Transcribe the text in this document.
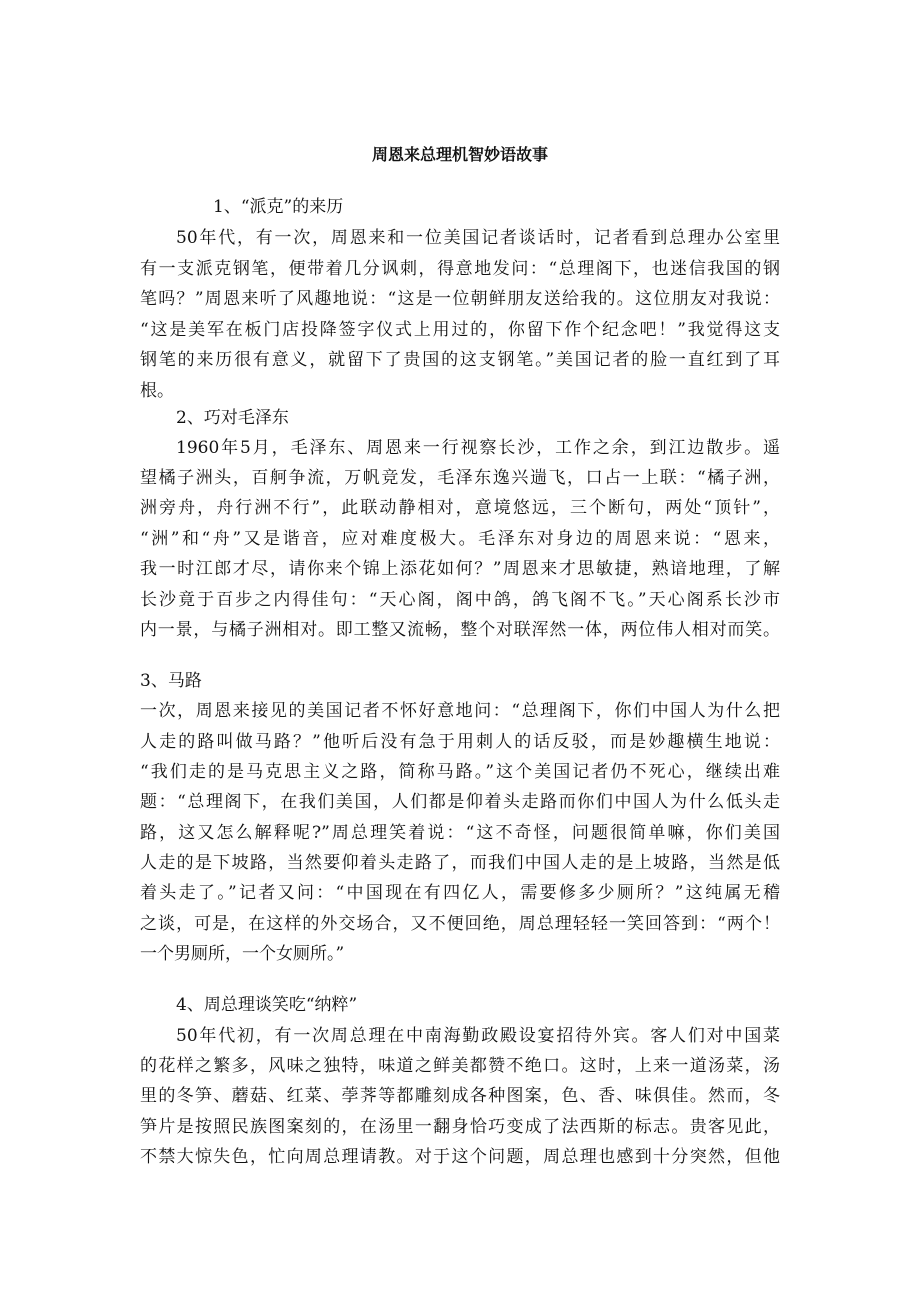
周恩来总理机智妙语故事
1、“派克”的来历
50年代，有一次，周恩来和一位美国记者谈话时，记者看到总理办公室里
有一支派克钢笔，便带着几分讽刺，得意地发问：“总理阁下，也迷信我国的钢
笔吗？”周恩来听了风趣地说：“这是一位朝鲜朋友送给我的。这位朋友对我说：
“这是美军在板门店投降签字仪式上用过的，你留下作个纪念吧！”我觉得这支
钢笔的来历很有意义，就留下了贵国的这支钢笔。”美国记者的脸一直红到了耳
根。
2、巧对毛泽东
1960年5月，毛泽东、周恩来一行视察长沙，工作之余，到江边散步。遥
望橘子洲头，百舸争流，万帆竞发，毛泽东逸兴遄飞，口占一上联：“橘子洲，
洲旁舟，舟行洲不行”，此联动静相对，意境悠远，三个断句，两处“顶针”，
“洲”和“舟”又是谐音，应对难度极大。毛泽东对身边的周恩来说：“恩来，
我一时江郎才尽，请你来个锦上添花如何？”周恩来才思敏捷，熟谙地理，了解
长沙竟于百步之内得佳句：“天心阁，阁中鸽，鸽飞阁不飞。”天心阁系长沙市
内一景，与橘子洲相对。即工整又流畅，整个对联浑然一体，两位伟人相对而笑。
3、马路
一次，周恩来接见的美国记者不怀好意地问：“总理阁下，你们中国人为什么把
人走的路叫做马路？”他听后没有急于用刺人的话反驳，而是妙趣横生地说：
“我们走的是马克思主义之路，简称马路。”这个美国记者仍不死心，继续出难
题：“总理阁下，在我们美国，人们都是仰着头走路而你们中国人为什么低头走
路，这又怎么解释呢?”周总理笑着说：“这不奇怪，问题很简单嘛，你们美国
人走的是下坡路，当然要仰着头走路了，而我们中国人走的是上坡路，当然是低
着头走了。”记者又问：“中国现在有四亿人，需要修多少厕所？”这纯属无稽
之谈，可是，在这样的外交场合，又不便回绝，周总理轻轻一笑回答到：“两个！
一个男厕所，一个女厕所。”
4、周总理谈笑吃“纳粹”
50年代初，有一次周总理在中南海勤政殿设宴招待外宾。客人们对中国菜
的花样之繁多，风味之独特，味道之鲜美都赞不绝口。这时，上来一道汤菜，汤
里的冬笋、蘑菇、红菜、荸荠等都雕刻成各种图案，色、香、味俱佳。然而，冬
笋片是按照民族图案刻的，在汤里一翻身恰巧变成了法西斯的标志。贵客见此，
不禁大惊失色，忙向周总理请教。对于这个问题，周总理也感到十分突然，但他
